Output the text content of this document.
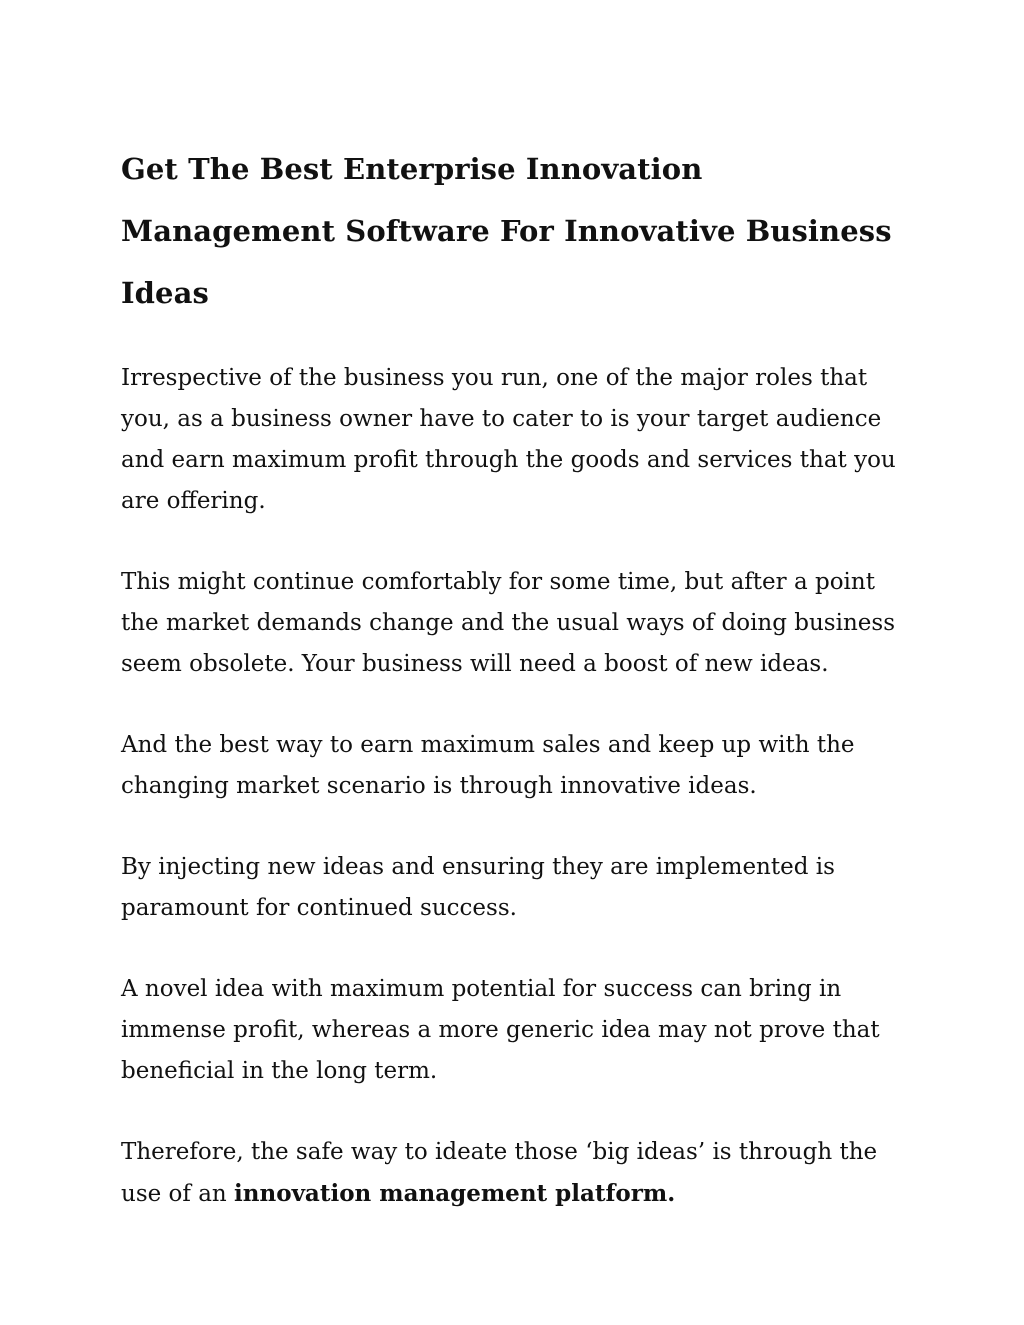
Get The Best Enterprise Innovation Management Software For Innovative Business Ideas

Irrespective of the business you run, one of the major roles that you, as a business owner have to cater to is your target audience and earn maximum profit through the goods and services that you are offering.

This might continue comfortably for some time, but after a point the market demands change and the usual ways of doing business seem obsolete. Your business will need a boost of new ideas.

And the best way to earn maximum sales and keep up with the changing market scenario is through innovative ideas.

By injecting new ideas and ensuring they are implemented is paramount for continued success.

A novel idea with maximum potential for success can bring in immense profit, whereas a more generic idea may not prove that beneficial in the long term.

Therefore, the safe way to ideate those ‘big ideas’ is through the use of an innovation management platform.
